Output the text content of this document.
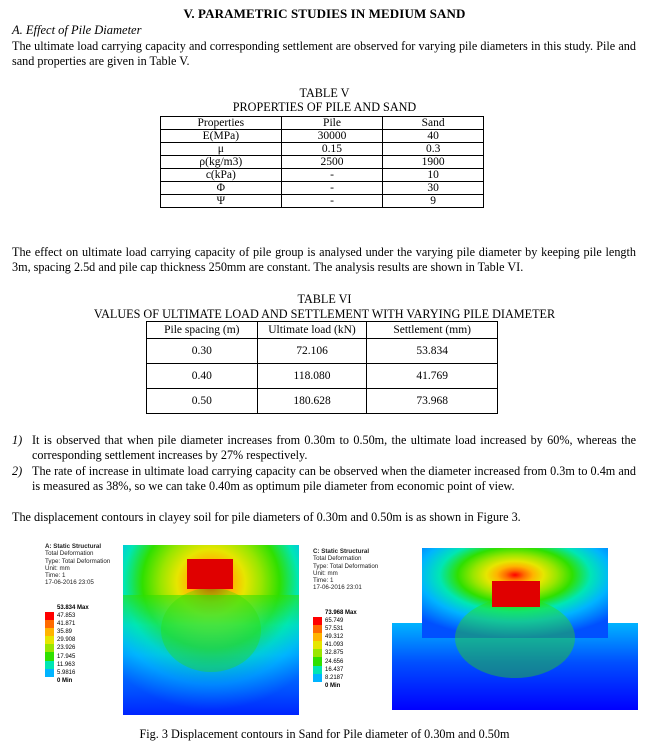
V. PARAMETRIC STUDIES IN MEDIUM SAND
A. Effect of Pile Diameter
The ultimate load carrying capacity and corresponding settlement are observed for varying pile diameters in this study. Pile and sand properties are given in Table V.
TABLE V
PROPERTIES OF PILE AND SAND
Properties	Pile	Sand
E(MPa)	30000	40
μ	0.15	0.3
ρ(kg/m3)	2500	1900
c(kPa)	-	10
Φ	-	30
Ψ	-	9
The effect on ultimate load carrying capacity of pile group is analysed under the varying pile diameter by keeping pile length 3m, spacing 2.5d and pile cap thickness 250mm are constant. The analysis results are shown in Table VI.
TABLE VI
VALUES OF ULTIMATE LOAD AND SETTLEMENT WITH VARYING PILE DIAMETER
Pile spacing (m)	Ultimate load (kN)	Settlement (mm)
0.30	72.106	53.834
0.40	118.080	41.769
0.50	180.628	73.968
1) It is observed that when pile diameter increases from 0.30m to 0.50m, the ultimate load increased by 60%, whereas the corresponding settlement increases by 27% respectively.
2) The rate of increase in ultimate load carrying capacity can be observed when the diameter increased from 0.3m to 0.4m and is measured as 38%, so we can take 0.40m as optimum pile diameter from economic point of view.
The displacement contours in clayey soil for pile diameters of 0.30m and 0.50m is as shown in Figure 3.
A: Static Structural
Total Deformation
Type: Total Deformation
Unit: mm
Time: 1
17-06-2016 23:05
53.834 Max
47.853
41.871
35.89
29.908
23.926
17.945
11.963
5.9816
0 Min
C: Static Structural
Total Deformation
Type: Total Deformation
Unit: mm
Time: 1
17-06-2016 23:01
73.968 Max
65.749
57.531
49.312
41.093
32.875
24.656
16.437
8.2187
0 Min
Fig. 3 Displacement contours in Sand for Pile diameter of 0.30m and 0.50m
